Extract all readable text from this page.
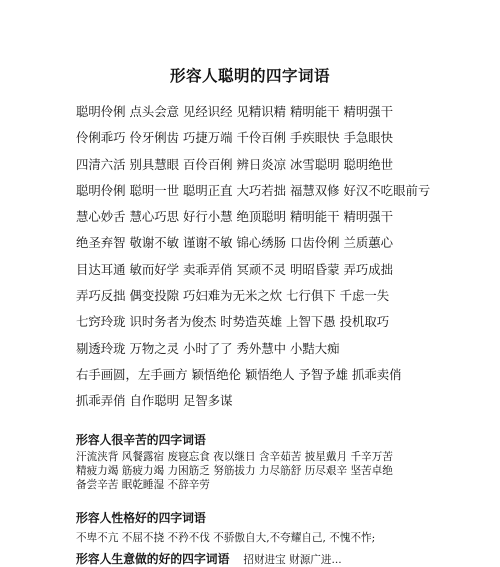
形容人聪明的四字词语
聪明伶俐 点头会意 见经识经 见精识精 精明能干 精明强干
伶俐乖巧 伶牙俐齿 巧捷万端 千伶百俐 手疾眼快 手急眼快
四清六活 别具慧眼 百伶百俐 辨日炎凉 冰雪聪明 聪明绝世
聪明伶俐 聪明一世 聪明正直 大巧若拙 福慧双修 好汉不吃眼前亏
慧心妙舌 慧心巧思 好行小慧 绝顶聪明 精明能干 精明强干
绝圣弃智 敬谢不敏 谨谢不敏 锦心绣肠 口齿伶俐 兰质蕙心
目达耳通 敏而好学 卖乖弄俏 冥顽不灵 明昭昏蒙 弄巧成拙
弄巧反拙 偶变投隙 巧妇难为无米之炊 七行俱下 千虑一失
七窍玲珑 识时务者为俊杰 时势造英雄 上智下愚 投机取巧
剔透玲珑 万物之灵 小时了了 秀外慧中 小黠大痴
右手画圆，左手画方 颖悟绝伦 颖悟绝人 予智予雄 抓乖卖俏
抓乖弄俏 自作聪明 足智多谋
形容人很辛苦的四字词语
汗流浃背 风餐露宿 废寝忘食 夜以继日 含辛茹苦 披星戴月 千辛万苦
精疲力竭 筋疲力竭 力困筋乏 努筋拔力 力尽筋舒 历尽艰辛 坚苦卓绝
备尝辛苦 眠乾睡湿 不辞辛劳
形容人性格好的四字词语
不卑不亢 不屈不挠 不矜不伐 不骄傲自大,不夸耀自己, 不愧不怍;
形容人生意做的好的四字词语 招财进宝 财源广进...
